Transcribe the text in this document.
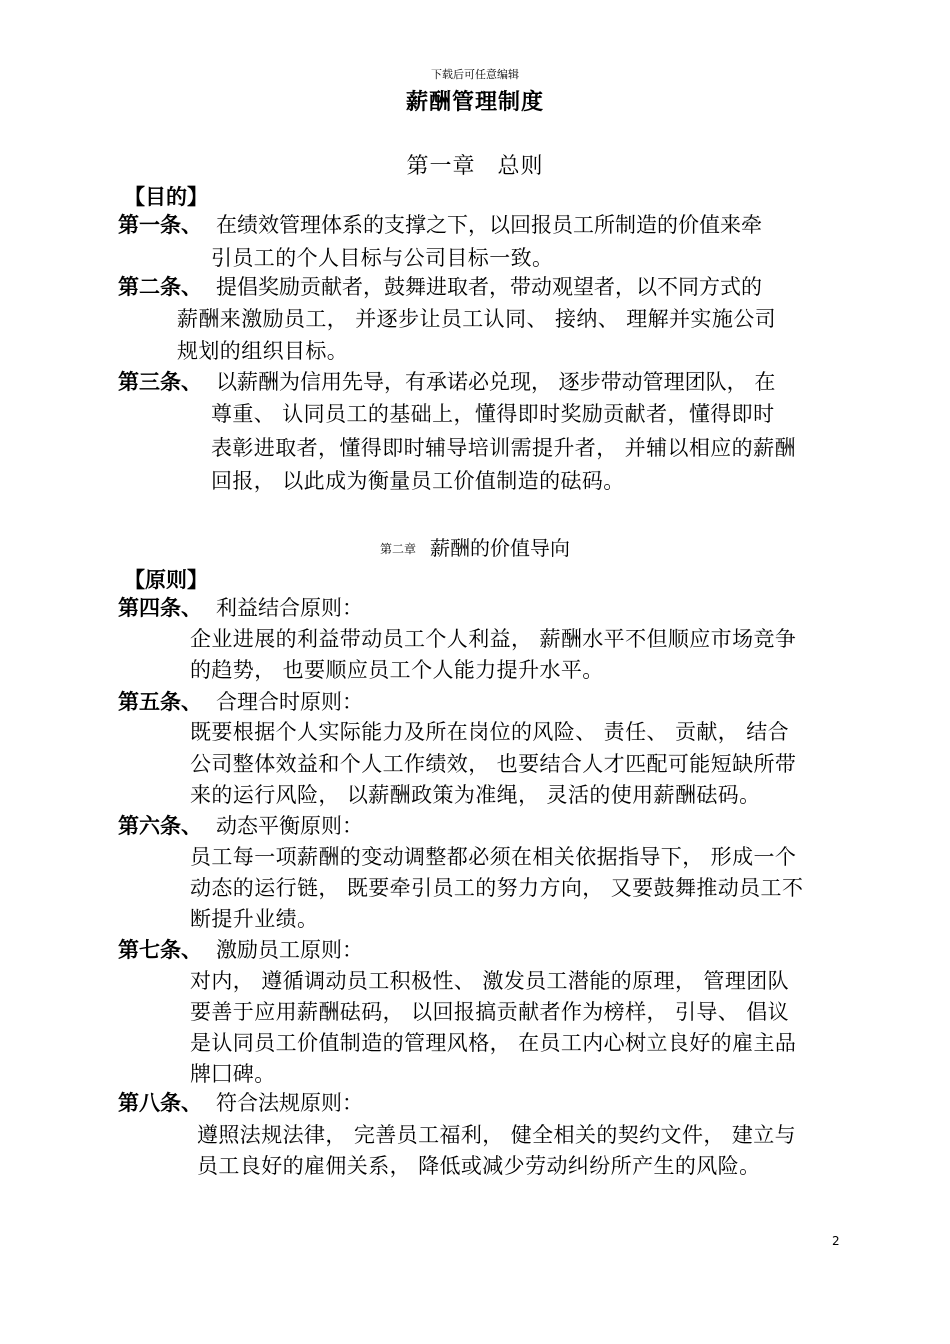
下载后可任意编辑
薪酬管理制度
第一章 总则
【目的】
第一条、 在绩效管理体系的支撑之下，以回报员工所制造的价值来牵
引员工的个人目标与公司目标一致。
第二条、 提倡奖励贡献者，鼓舞进取者，带动观望者，以不同方式的
薪酬来激励员工， 并逐步让员工认同、 接纳、 理解并实施公司
规划的组织目标。
第三条、 以薪酬为信用先导，有承诺必兑现， 逐步带动管理团队， 在
尊重、 认同员工的基础上，懂得即时奖励贡献者，懂得即时
表彰进取者，懂得即时辅导培训需提升者， 并辅以相应的薪酬
回报， 以此成为衡量员工价值制造的砝码。
第二章 薪酬的价值导向
【原则】
第四条、 利益结合原则：
企业进展的利益带动员工个人利益， 薪酬水平不但顺应市场竞争
的趋势， 也要顺应员工个人能力提升水平。
第五条、 合理合时原则：
既要根据个人实际能力及所在岗位的风险、 责任、 贡献， 结合
公司整体效益和个人工作绩效， 也要结合人才匹配可能短缺所带
来的运行风险， 以薪酬政策为准绳， 灵活的使用薪酬砝码。
第六条、 动态平衡原则：
员工每一项薪酬的变动调整都必须在相关依据指导下， 形成一个
动态的运行链， 既要牵引员工的努力方向， 又要鼓舞推动员工不
断提升业绩。
第七条、 激励员工原则：
对内， 遵循调动员工积极性、 激发员工潜能的原理， 管理团队
要善于应用薪酬砝码， 以回报搞贡献者作为榜样， 引导、 倡议
是认同员工价值制造的管理风格， 在员工内心树立良好的雇主品
牌囗碑。
第八条、 符合法规原则：
遵照法规法律， 完善员工福利， 健全相关的契约文件， 建立与
员工良好的雇佣关系， 降低或减少劳动纠纷所产生的风险。
2
